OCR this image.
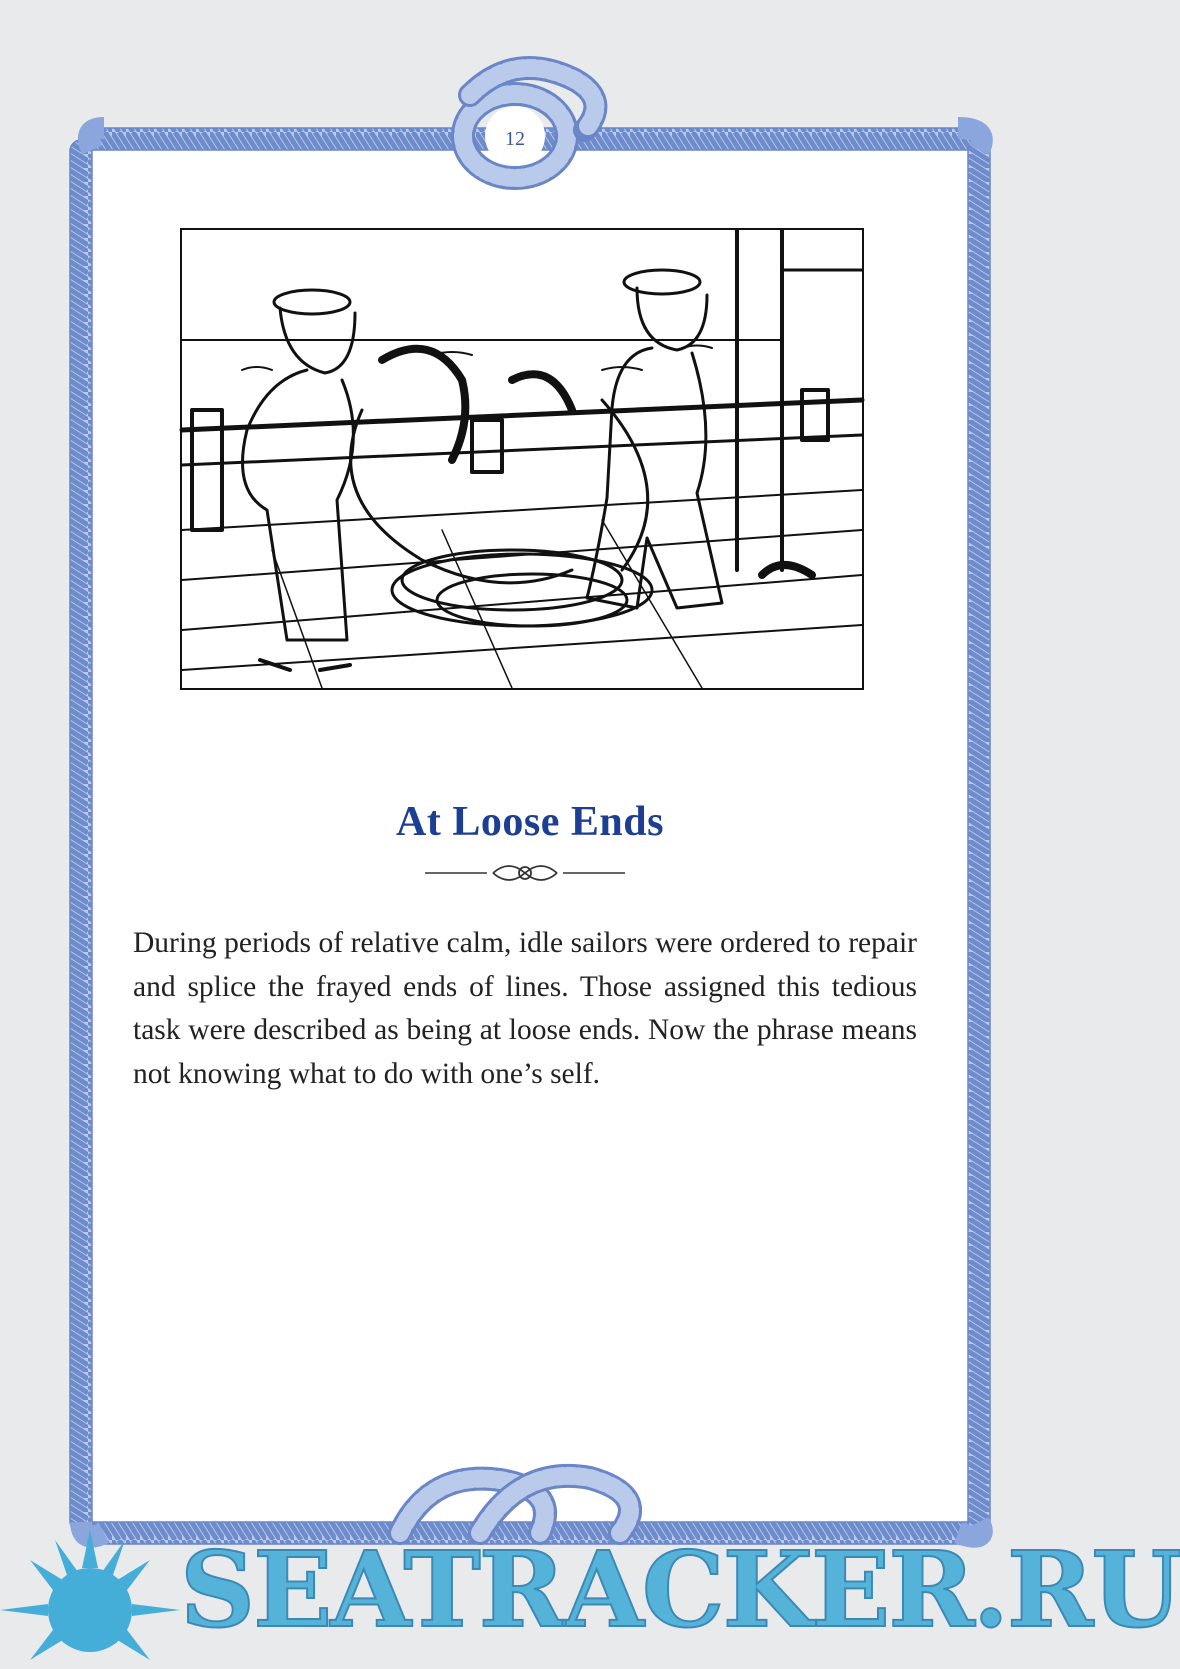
12
At Loose Ends

During periods of relative calm, idle sailors were ordered to repair and splice the frayed ends of lines. Those assigned this tedious task were described as being at loose ends. Now the phrase means not knowing what to do with one’s self.

SEATRACKER.RU
